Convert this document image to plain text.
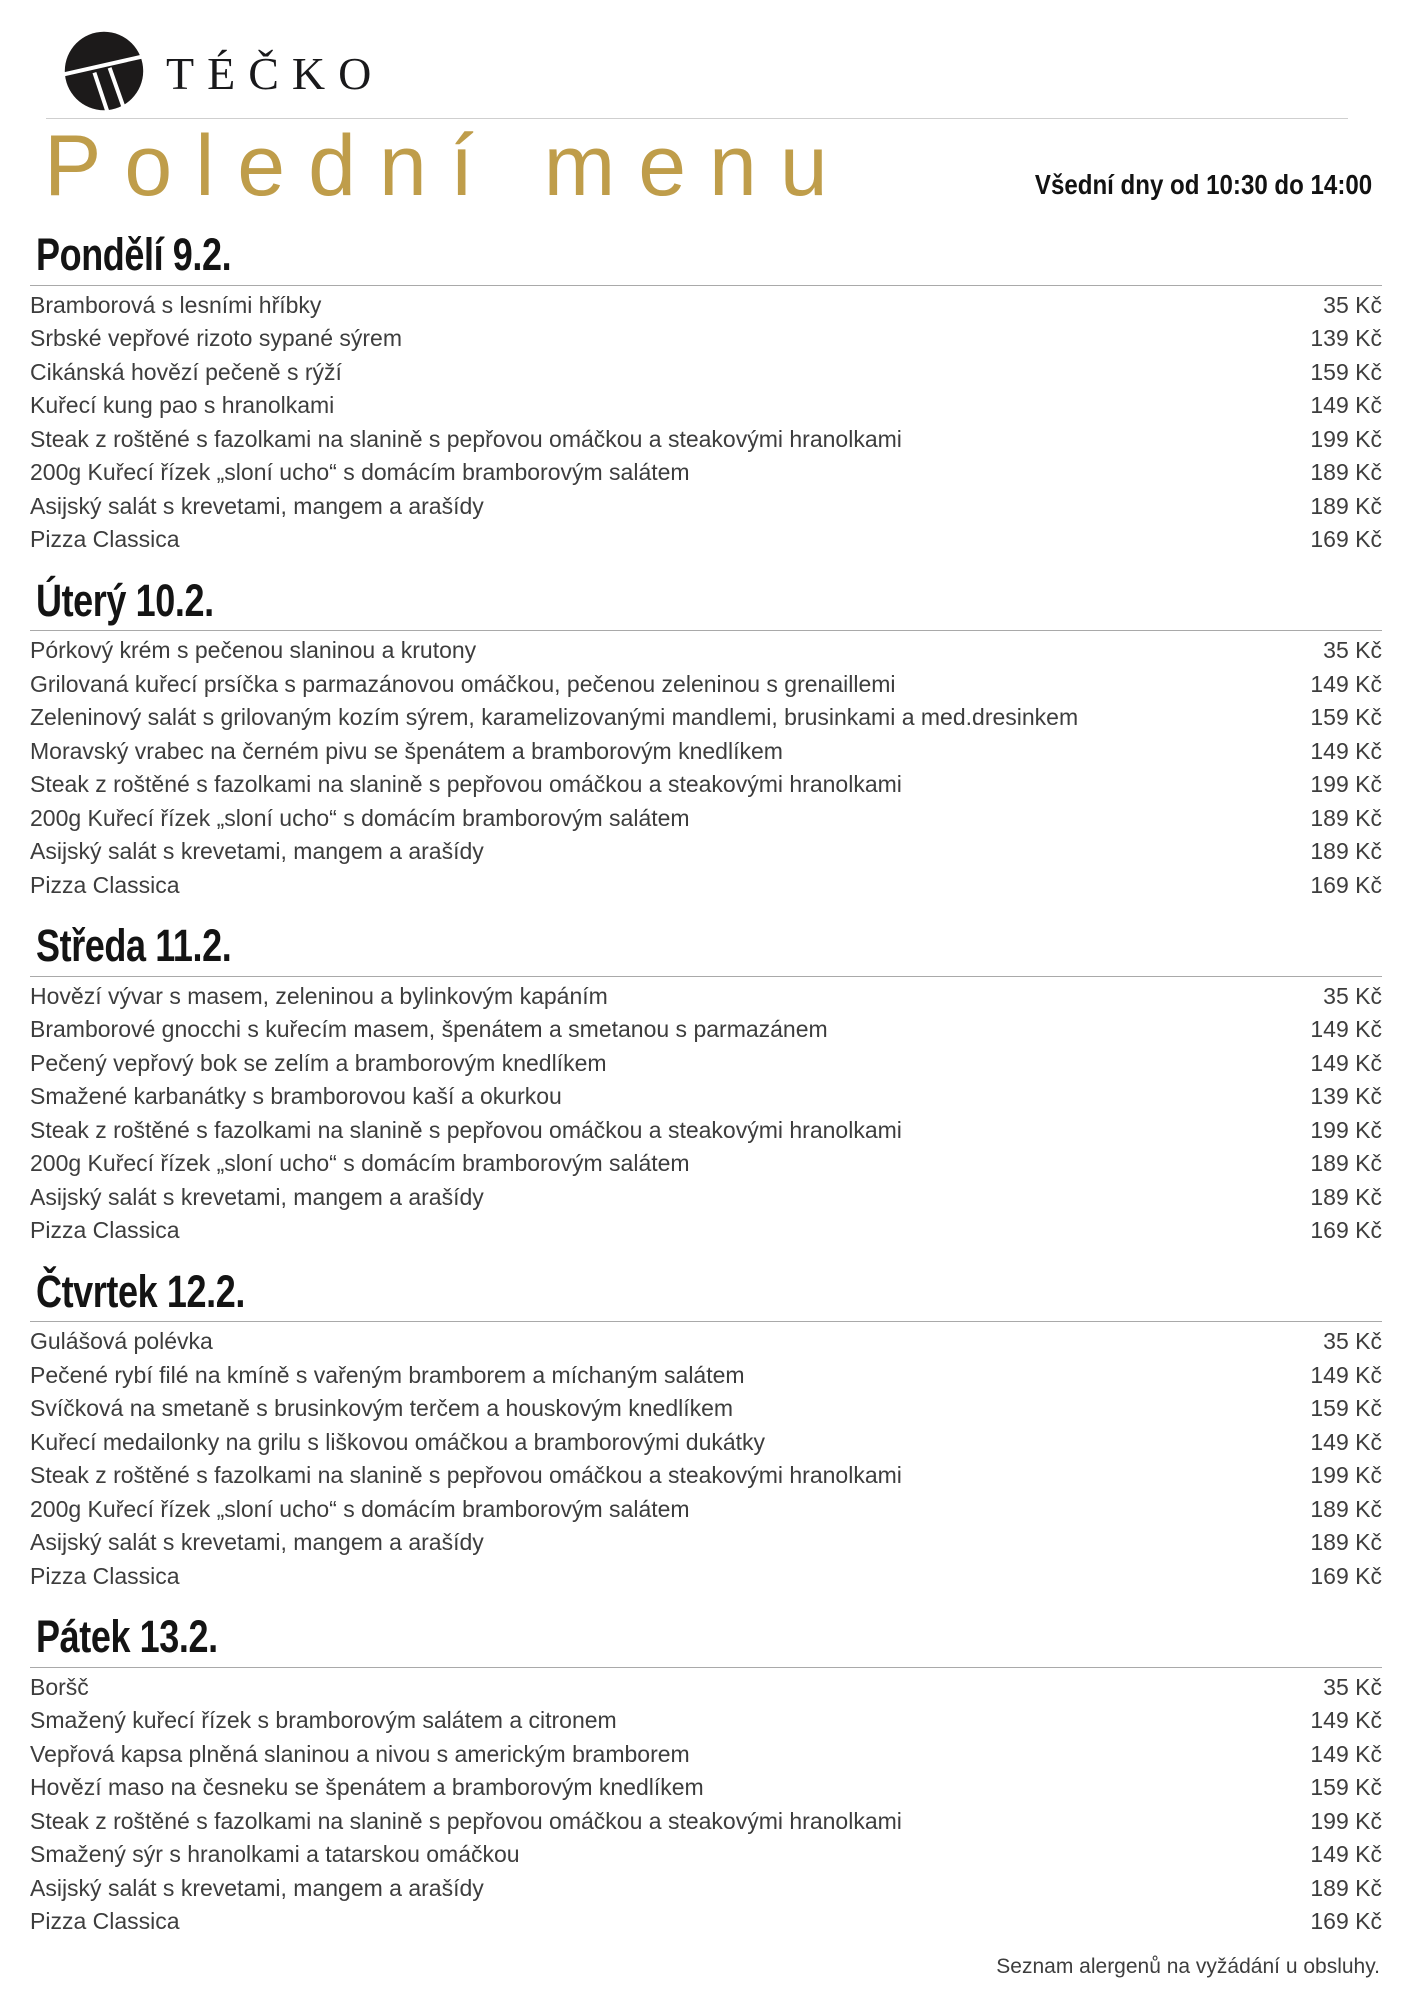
TÉČKO
Polední menu	Všední dny od 10:30 do 14:00
Pondělí 9.2.
Bramborová s lesními hříbky	35 Kč
Srbské vepřové rizoto sypané sýrem	139 Kč
Cikánská hovězí pečeně s rýží	159 Kč
Kuřecí kung pao s hranolkami	149 Kč
Steak z roštěné s fazolkami na slanině s pepřovou omáčkou a steakovými hranolkami	199 Kč
200g Kuřecí řízek „sloní ucho“ s domácím bramborovým salátem	189 Kč
Asijský salát s krevetami, mangem a arašídy	189 Kč
Pizza Classica	169 Kč
Úterý 10.2.
Pórkový krém s pečenou slaninou a krutony	35 Kč
Grilovaná kuřecí prsíčka s parmazánovou omáčkou, pečenou zeleninou s grenaillemi	149 Kč
Zeleninový salát s grilovaným kozím sýrem, karamelizovanými mandlemi, brusinkami a med.dresinkem	159 Kč
Moravský vrabec na černém pivu se špenátem a bramborovým knedlíkem	149 Kč
Steak z roštěné s fazolkami na slanině s pepřovou omáčkou a steakovými hranolkami	199 Kč
200g Kuřecí řízek „sloní ucho“ s domácím bramborovým salátem	189 Kč
Asijský salát s krevetami, mangem a arašídy	189 Kč
Pizza Classica	169 Kč
Středa 11.2.
Hovězí vývar s masem, zeleninou a bylinkovým kapáním	35 Kč
Bramborové gnocchi s kuřecím masem, špenátem a smetanou s parmazánem	149 Kč
Pečený vepřový bok se zelím a bramborovým knedlíkem	149 Kč
Smažené karbanátky s bramborovou kaší a okurkou	139 Kč
Steak z roštěné s fazolkami na slanině s pepřovou omáčkou a steakovými hranolkami	199 Kč
200g Kuřecí řízek „sloní ucho“ s domácím bramborovým salátem	189 Kč
Asijský salát s krevetami, mangem a arašídy	189 Kč
Pizza Classica	169 Kč
Čtvrtek 12.2.
Gulášová polévka	35 Kč
Pečené rybí filé na kmíně s vařeným bramborem a míchaným salátem	149 Kč
Svíčková na smetaně s brusinkovým terčem a houskovým knedlíkem	159 Kč
Kuřecí medailonky na grilu s liškovou omáčkou a bramborovými dukátky	149 Kč
Steak z roštěné s fazolkami na slanině s pepřovou omáčkou a steakovými hranolkami	199 Kč
200g Kuřecí řízek „sloní ucho“ s domácím bramborovým salátem	189 Kč
Asijský salát s krevetami, mangem a arašídy	189 Kč
Pizza Classica	169 Kč
Pátek 13.2.
Boršč	35 Kč
Smažený kuřecí řízek s bramborovým salátem a citronem	149 Kč
Vepřová kapsa plněná slaninou a nivou s americkým bramborem	149 Kč
Hovězí maso na česneku se špenátem a bramborovým knedlíkem	159 Kč
Steak z roštěné s fazolkami na slanině s pepřovou omáčkou a steakovými hranolkami	199 Kč
Smažený sýr s hranolkami a tatarskou omáčkou	149 Kč
Asijský salát s krevetami, mangem a arašídy	189 Kč
Pizza Classica	169 Kč
Seznam alergenů na vyžádání u obsluhy.
